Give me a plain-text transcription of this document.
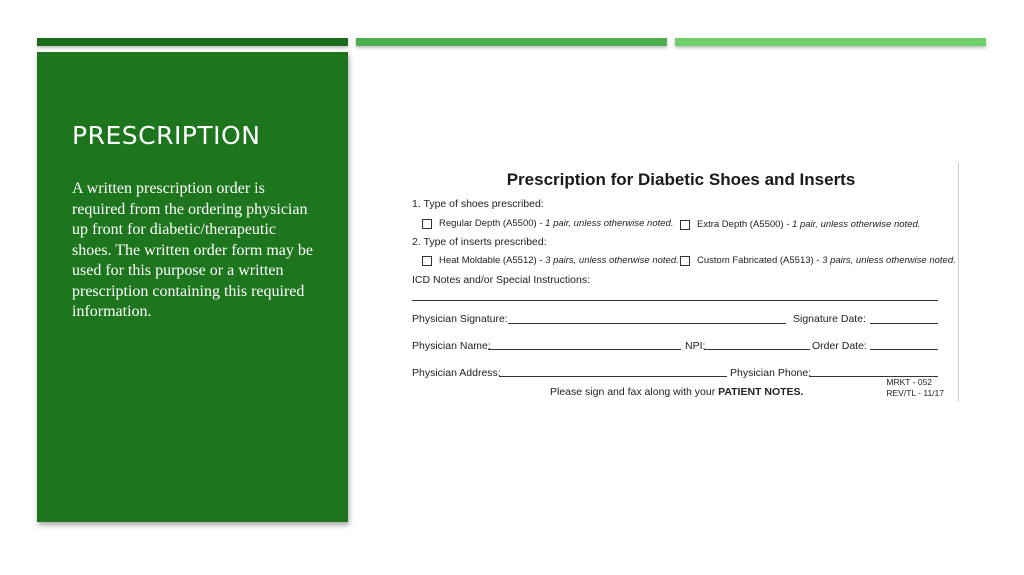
PRESCRIPTION
A written prescription order is required from the ordering physician up front for diabetic/therapeutic shoes. The written order form may be used for this purpose or a written prescription containing this required information.
Prescription for Diabetic Shoes and Inserts
1. Type of shoes prescribed:
Regular Depth (A5500) -
1 pair, unless otherwise noted. Extra Depth (A5500) -
1 pair, unless otherwise noted.
2. Type of inserts prescribed:
Heat Moldable (A5512) -
3 pairs, unless otherwise noted. Custom Fabricated (A5513) -
3 pairs, unless otherwise noted.
ICD Notes and/or Special Instructions:
Physician Signature:	Signature Date:
Physician Name:	NPI:	Order Date:
Physician Address:	Physician Phone:
Please sign and fax along with your PATIENT NOTES.
MRKT - 052
REV/TL - 11/17
